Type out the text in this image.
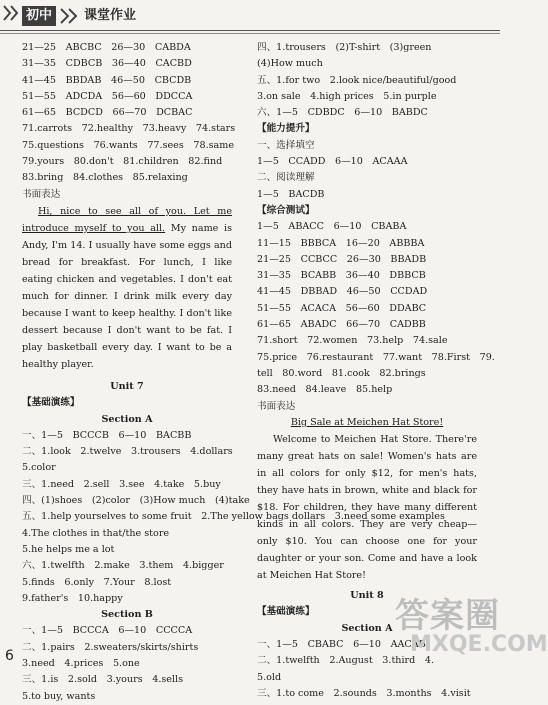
初中	课堂作业
21—25　ABCBC　26—30　CABDA
31—35　CDBCB　36—40　CACBD
41—45　BBDAB　46—50　CBCDB
51—55　ADCDA　56—60　DDCCA
61—65　BCDCD　66—70　DCBAC
71.carrots　72.healthy　73.heavy　74.stars
75.questions　76.wants　77.sees　78.same
79.yours　80.don't　81.children　82.find
83.bring　84.clothes　85.relaxing
书面表达
Hi, nice to see all of you. Let me introduce myself to you all. My name is Andy, I'm 14. I usually have some eggs and bread for breakfast. For lunch, I like eating chicken and vegetables. I don't eat much for dinner. I drink milk every day because I want to keep healthy. I don't like dessert because I don't want to be fat. I play basketball every day. I want to be a healthy player.
Unit 7
【基础演练】
Section A
一、1—5　BCCCB　6—10　BACBB
二、1.look　2.twelve　3.trousers　4.dollars
5.color
三、1.need　2.sell　3.see　4.take　5.buy
四、(1)shoes　(2)color　(3)How much　(4)take
五、1.help yourselves to some fruit　2.The yellow bags dollars　3.need some examples
4.The clothes in that/the store
5.he helps me a lot
六、1.twelfth　2.make　3.them　4.bigger
5.finds　6.only　7.Your　8.lost
9.father's　10.happy
Section B
一、1—5　BCCCA　6—10　CCCCA
二、1.pairs　2.sweaters/skirts/shirts
3.need　4.prices　5.one
三、1.is　2.sold　3.yours　4.sells
5.to buy, wants
四、1.trousers　(2)T-shirt　(3)green
(4)How much
五、1.for two　2.look nice/beautiful/good
3.on sale　4.high prices　5.in purple
六、1—5　CDBDC　6—10　BABDC
【能力提升】
一、选择填空
1—5　CCADD　6—10　ACAAA
二、阅读理解
1—5　BACDB
【综合测试】
1—5　ABACC　6—10　CBABA
11—15　BBBCA　16—20　ABBBA
21—25　CCBCC　26—30　BBADB
31—35　BCABB　36—40　DBBCB
41—45　DBBAD　46—50　CCDAD
51—55　ACACA　56—60　DDABC
61—65　ABADC　66—70　CADBB
71.short　72.women　73.help　74.sale
75.price　76.restaurant　77.want　78.First　79.
tell　80.word　81.cook　82.brings
83.need　84.leave　85.help
书面表达
Big Sale at Meichen Hat Store!
Welcome to Meichen Hat Store. There're many great hats on sale! Women's hats are in all colors for only $12, for men's hats, they have hats in brown, white and black for $18. For children, they have many different kinds in all colors. They are very cheap—only $10. You can choose one for your daughter or your son. Come and have a look at Meichen Hat Store!
Unit 8
【基础演练】
Section A
一、1—5　CBABC　6—10　AACAB
二、1.twelfth　2.August　3.third　4.
5.old
三、1.to come　2.sounds　3.months　4.visit
6
答案圈
MXQE.COM
